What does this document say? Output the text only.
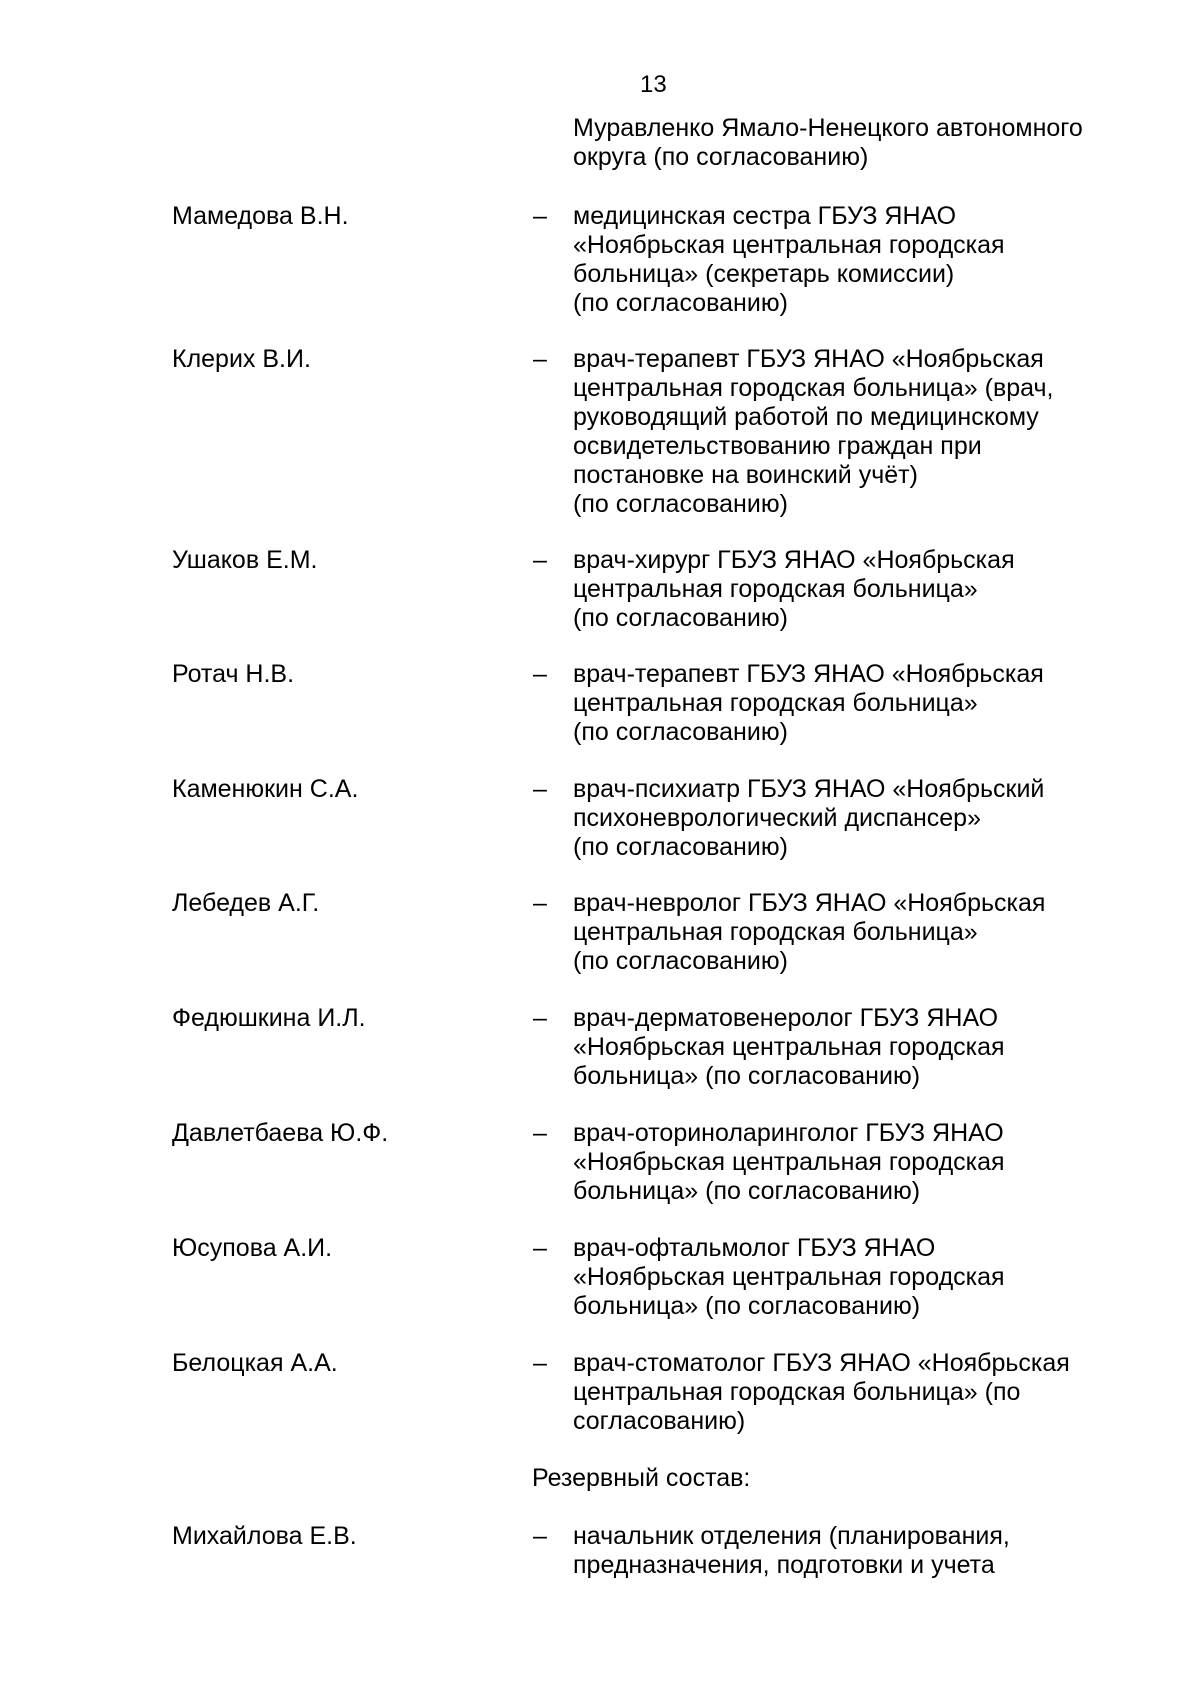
13
Муравленко Ямало-Ненецкого автономного
округа (по согласованию)
Мамедова В.Н.	– медицинская сестра ГБУЗ ЯНАО
«Ноябрьская центральная городская
больница» (секретарь комиссии)
(по согласованию)
Клерих В.И.	– врач-терапевт ГБУЗ ЯНАО «Ноябрьская
центральная городская больница» (врач,
руководящий работой по медицинскому
освидетельствованию граждан при
постановке на воинский учёт)
(по согласованию)
Ушаков Е.М.	– врач-хирург ГБУЗ ЯНАО «Ноябрьская
центральная городская больница»
(по согласованию)
Ротач Н.В.	– врач-терапевт ГБУЗ ЯНАО «Ноябрьская
центральная городская больница»
(по согласованию)
Каменюкин С.А.	– врач-психиатр ГБУЗ ЯНАО «Ноябрьский
психоневрологический диспансер»
(по согласованию)
Лебедев А.Г.	– врач-невролог ГБУЗ ЯНАО «Ноябрьская
центральная городская больница»
(по согласованию)
Федюшкина И.Л.	– врач-дерматовенеролог ГБУЗ ЯНАО
«Ноябрьская центральная городская
больница» (по согласованию)
Давлетбаева Ю.Ф.	– врач-оториноларинголог ГБУЗ ЯНАО
«Ноябрьская центральная городская
больница» (по согласованию)
Юсупова А.И.	– врач-офтальмолог ГБУЗ ЯНАО
«Ноябрьская центральная городская
больница» (по согласованию)
Белоцкая А.А.	– врач-стоматолог ГБУЗ ЯНАО «Ноябрьская
центральная городская больница» (по
согласованию)
Резервный состав:
Михайлова Е.В.	– начальник отделения (планирования,
предназначения, подготовки и учета
